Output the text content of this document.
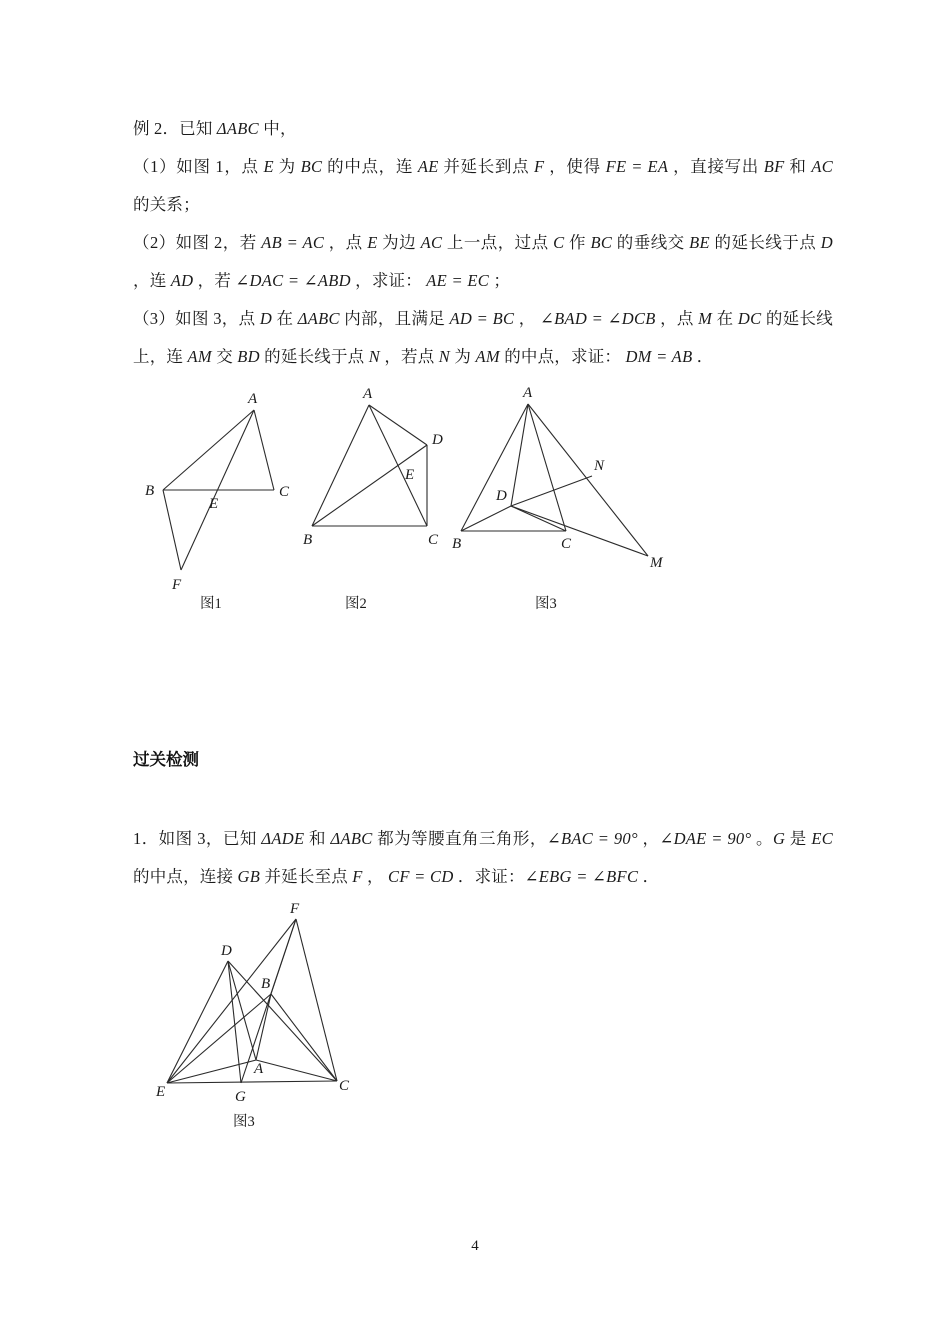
例 2．已知 ΔABC 中，

（1）如图 1，点 E 为 BC 的中点，连 AE 并延长到点 F ，使得 FE = EA ，直接写出 BF 和 AC 的关系；

（2）如图 2，若 AB = AC ，点 E 为边 AC 上一点，过点 C 作 BC 的垂线交 BE 的延长线于点 D ，连 AD ，若 ∠DAC = ∠ABD ，求证： AE = EC ；

（3）如图 3，点 D 在 ΔABC 内部，且满足 AD = BC ， ∠BAD = ∠DCB ，点 M 在 DC 的延长线上，连 AM 交 BD 的延长线于点 N ，若点 N 为 AM 的中点，求证： DM = AB ．

A
B	C
E
F
A
D
E
B	C
A
N
D
B	C
M
图1	图2	图3
过关检测

1．如图 3，已知 ΔADE 和 ΔABC 都为等腰直角三角形，∠BAC = 90° ，∠DAE = 90° 。G 是 EC 的中点，连接 GB 并延长至点 F ， CF = CD ．求证：∠EBG = ∠BFC ．

F
D
B
A
E	G
C
图3
4
